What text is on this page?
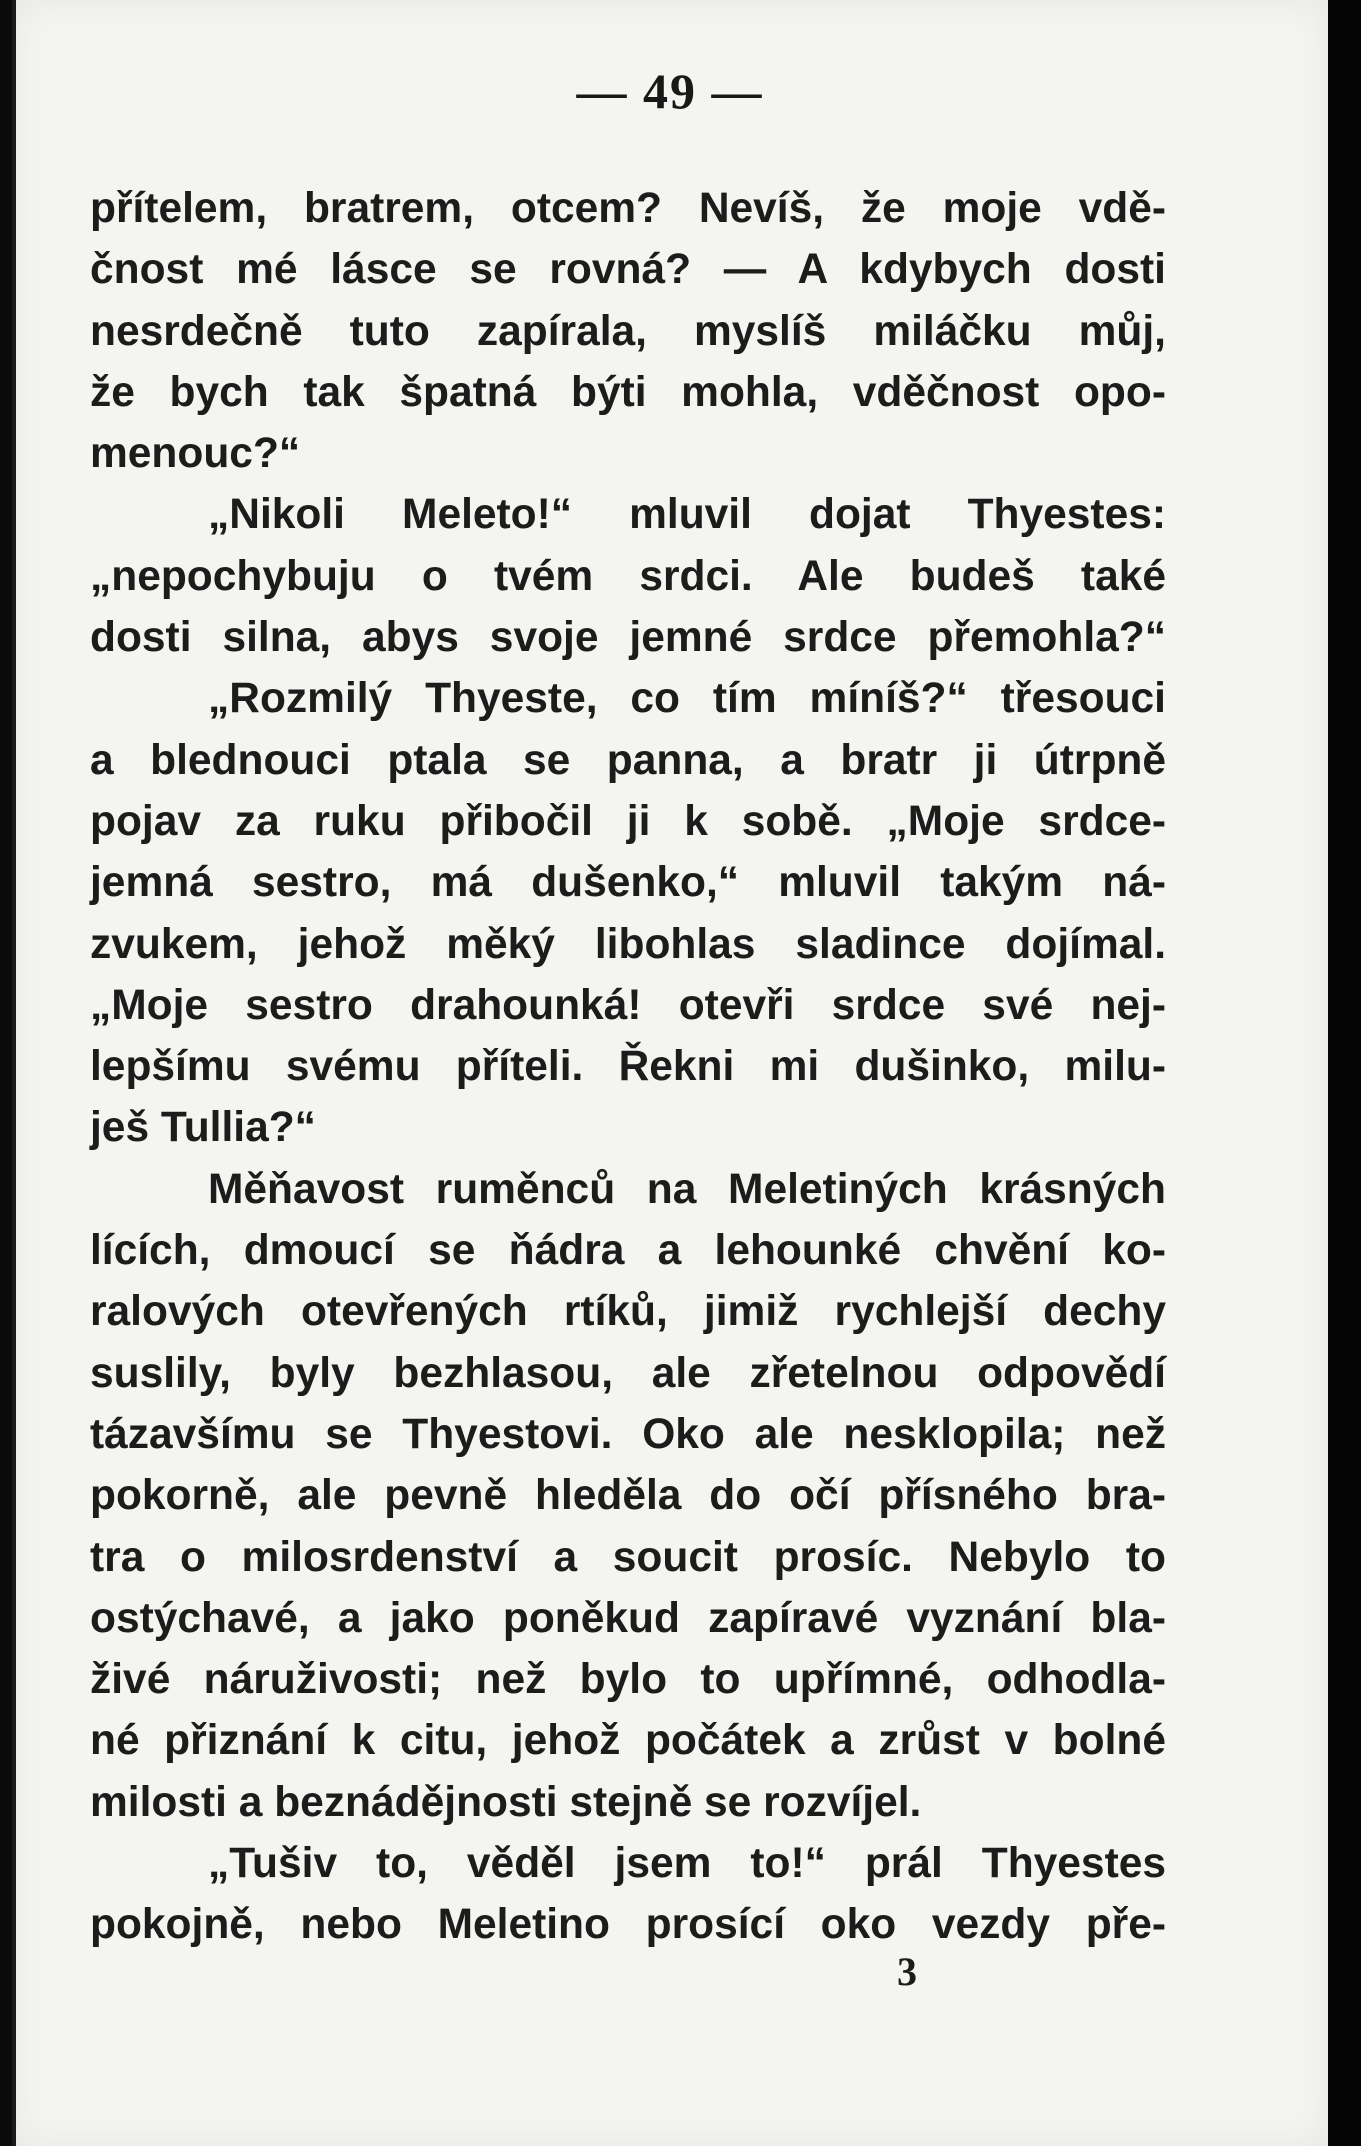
— 49 —
přítelem, bratrem, otcem? Nevíš, že moje vdě-
čnost mé lásce se rovná? — A kdybych dosti
nesrdečně tuto zapírala, myslíš miláčku můj,
že bych tak špatná býti mohla, vděčnost opo-
menouc?“
„Nikoli Meleto!“ mluvil dojat Thyestes:
„nepochybuju o tvém srdci. Ale budeš také
dosti silna, abys svoje jemné srdce přemohla?“
„Rozmilý Thyeste, co tím míníš?“ třesouci
a blednouci ptala se panna, a bratr ji útrpně
pojav za ruku přibočil ji k sobě. „Moje srdce-
jemná sestro, má dušenko,“ mluvil takým ná-
zvukem, jehož měký libohlas sladince dojímal.
„Moje sestro drahounká! otevři srdce své nej-
lepšímu svému příteli. Řekni mi dušinko, milu-
ješ Tullia?“
Měňavost ruměnců na Meletiných krásných
lících, dmoucí se ňádra a lehounké chvění ko-
ralových otevřených rtíků, jimiž rychlejší dechy
suslily, byly bezhlasou, ale zřetelnou odpovědí
tázavšímu se Thyestovi. Oko ale nesklopila; než
pokorně, ale pevně hleděla do očí přísného bra-
tra o milosrdenství a soucit prosíc. Nebylo to
ostýchavé, a jako poněkud zapíravé vyznání bla-
živé náruživosti; než bylo to upřímné, odhodla-
né přiznání k citu, jehož počátek a zrůst v bolné
milosti a beznádějnosti stejně se rozvíjel.
„Tušiv to, věděl jsem to!“ prál Thyestes
pokojně, nebo Meletino prosící oko vezdy pře-
3
